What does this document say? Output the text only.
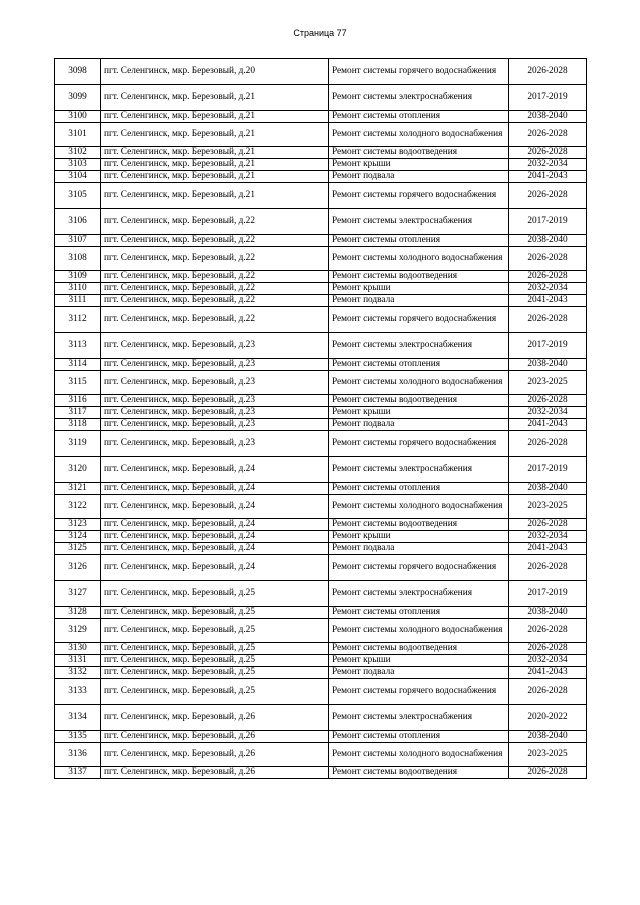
Страница 77
3098	пгт. Селенгинск, мкр. Березовый, д.20	Ремонт системы горячего водоснабжения	2026-2028
3099	пгт. Селенгинск, мкр. Березовый, д.21	Ремонт системы электроснабжения	2017-2019
3100	пгт. Селенгинск, мкр. Березовый, д.21	Ремонт системы отопления	2038-2040
3101	пгт. Селенгинск, мкр. Березовый, д.21	Ремонт системы холодного водоснабжения	2026-2028
3102	пгт. Селенгинск, мкр. Березовый, д.21	Ремонт системы водоотведения	2026-2028
3103	пгт. Селенгинск, мкр. Березовый, д.21	Ремонт крыши	2032-2034
3104	пгт. Селенгинск, мкр. Березовый, д.21	Ремонт подвала	2041-2043
3105	пгт. Селенгинск, мкр. Березовый, д.21	Ремонт системы горячего водоснабжения	2026-2028
3106	пгт. Селенгинск, мкр. Березовый, д.22	Ремонт системы электроснабжения	2017-2019
3107	пгт. Селенгинск, мкр. Березовый, д.22	Ремонт системы отопления	2038-2040
3108	пгт. Селенгинск, мкр. Березовый, д.22	Ремонт системы холодного водоснабжения	2026-2028
3109	пгт. Селенгинск, мкр. Березовый, д.22	Ремонт системы водоотведения	2026-2028
3110	пгт. Селенгинск, мкр. Березовый, д.22	Ремонт крыши	2032-2034
3111	пгт. Селенгинск, мкр. Березовый, д.22	Ремонт подвала	2041-2043
3112	пгт. Селенгинск, мкр. Березовый, д.22	Ремонт системы горячего водоснабжения	2026-2028
3113	пгт. Селенгинск, мкр. Березовый, д.23	Ремонт системы электроснабжения	2017-2019
3114	пгт. Селенгинск, мкр. Березовый, д.23	Ремонт системы отопления	2038-2040
3115	пгт. Селенгинск, мкр. Березовый, д.23	Ремонт системы холодного водоснабжения	2023-2025
3116	пгт. Селенгинск, мкр. Березовый, д.23	Ремонт системы водоотведения	2026-2028
3117	пгт. Селенгинск, мкр. Березовый, д.23	Ремонт крыши	2032-2034
3118	пгт. Селенгинск, мкр. Березовый, д.23	Ремонт подвала	2041-2043
3119	пгт. Селенгинск, мкр. Березовый, д.23	Ремонт системы горячего водоснабжения	2026-2028
3120	пгт. Селенгинск, мкр. Березовый, д.24	Ремонт системы электроснабжения	2017-2019
3121	пгт. Селенгинск, мкр. Березовый, д.24	Ремонт системы отопления	2038-2040
3122	пгт. Селенгинск, мкр. Березовый, д.24	Ремонт системы холодного водоснабжения	2023-2025
3123	пгт. Селенгинск, мкр. Березовый, д.24	Ремонт системы водоотведения	2026-2028
3124	пгт. Селенгинск, мкр. Березовый, д.24	Ремонт крыши	2032-2034
3125	пгт. Селенгинск, мкр. Березовый, д.24	Ремонт подвала	2041-2043
3126	пгт. Селенгинск, мкр. Березовый, д.24	Ремонт системы горячего водоснабжения	2026-2028
3127	пгт. Селенгинск, мкр. Березовый, д.25	Ремонт системы электроснабжения	2017-2019
3128	пгт. Селенгинск, мкр. Березовый, д.25	Ремонт системы отопления	2038-2040
3129	пгт. Селенгинск, мкр. Березовый, д.25	Ремонт системы холодного водоснабжения	2026-2028
3130	пгт. Селенгинск, мкр. Березовый, д.25	Ремонт системы водоотведения	2026-2028
3131	пгт. Селенгинск, мкр. Березовый, д.25	Ремонт крыши	2032-2034
3132	пгт. Селенгинск, мкр. Березовый, д.25	Ремонт подвала	2041-2043
3133	пгт. Селенгинск, мкр. Березовый, д.25	Ремонт системы горячего водоснабжения	2026-2028
3134	пгт. Селенгинск, мкр. Березовый, д.26	Ремонт системы электроснабжения	2020-2022
3135	пгт. Селенгинск, мкр. Березовый, д.26	Ремонт системы отопления	2038-2040
3136	пгт. Селенгинск, мкр. Березовый, д.26	Ремонт системы холодного водоснабжения	2023-2025
3137	пгт. Селенгинск, мкр. Березовый, д.26	Ремонт системы водоотведения	2026-2028
